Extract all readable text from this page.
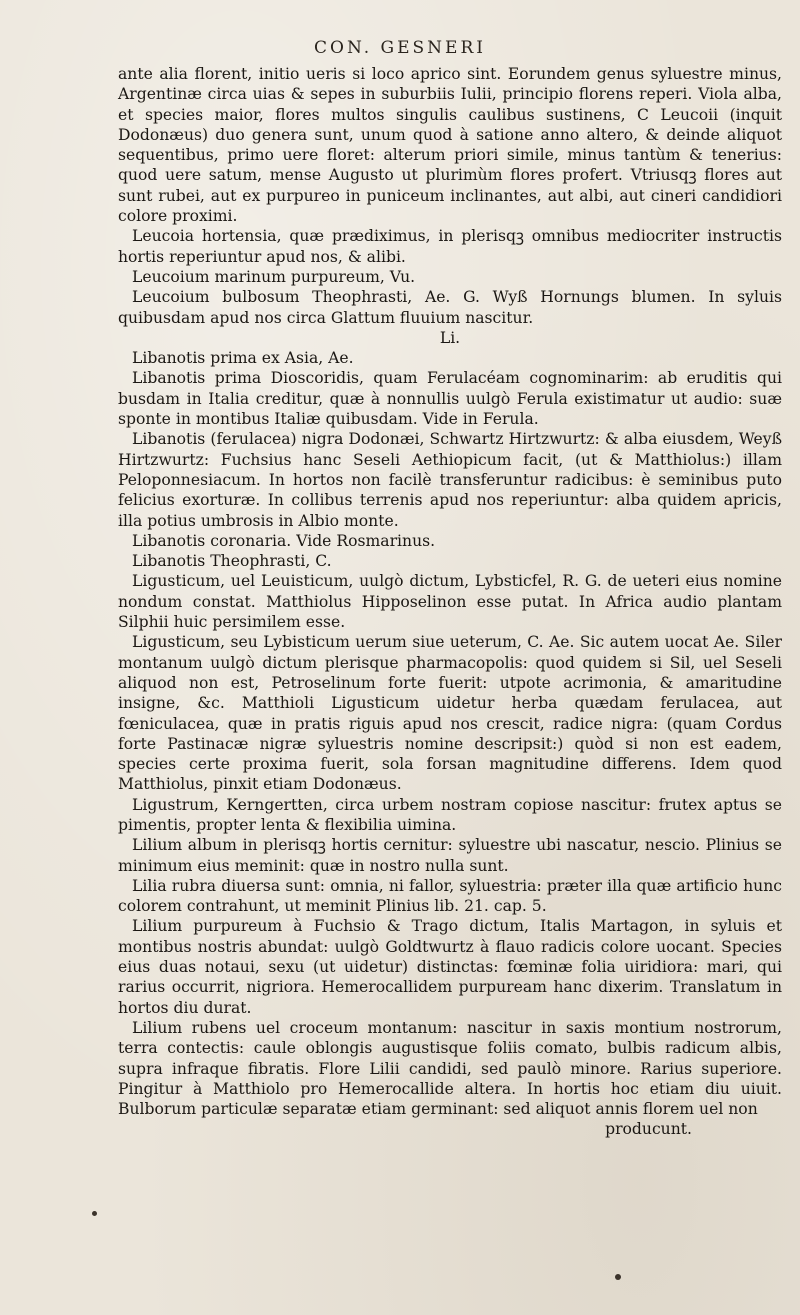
CON. GESNERI

ante alia florent, initio ueris si loco aprico sint. Eorundem genus syluestre minus, Argentinæ circa uias & sepes in suburbiis Iulii, principio florens reperi. Viola alba, et species maior, flores multos singulis caulibus sustinens, C Leucoii (inquit Dodonæus) duo genera sunt, unum quod à satione anno altero, & deinde aliquot sequentibus, primo uere floret: alterum priori simile, minus tantùm & tenerius: quod uere satum, mense Augusto ut plurimùm flores profert. Vtriusqꝫ flores aut sunt rubei, aut ex purpureo in puniceum inclinantes, aut albi, aut cineri candidiori colore proximi.

Leucoia hortensia, quæ prædiximus, in plerisqꝫ omnibus mediocriter instructis hortis reperiuntur apud nos, & alibi.

Leucoium marinum purpureum, Vu.

Leucoium bulbosum Theophrasti, Ae. G. Wyß Hornungs blumen. In syluis quibusdam apud nos circa Glattum fluuium nascitur.

Li.

Libanotis prima ex Asia, Ae.

Libanotis prima Dioscoridis, quam Ferulacéam cognominarim: ab eruditis qui busdam in Italia creditur, quæ à nonnullis uulgò Ferula existimatur ut audio: suæ sponte in montibus Italiæ quibusdam. Vide in Ferula.

Libanotis (ferulacea) nigra Dodonæi, Schwartz Hirtzwurtz: & alba eiusdem, Weyß Hirtzwurtz: Fuchsius hanc Seseli Aethiopicum facit, (ut & Matthiolus:) illam Peloponnesiacum. In hortos non facilè transferuntur radicibus: è seminibus puto felicius exorturæ. In collibus terrenis apud nos reperiuntur: alba quidem apricis, illa potius umbrosis in Albio monte.

Libanotis coronaria. Vide Rosmarinus.

Libanotis Theophrasti, C.

Ligusticum, uel Leuisticum, uulgò dictum, Lybsticfel, R. G. de ueteri eius nomine nondum constat. Matthiolus Hipposelinon esse putat. In Africa audio plantam Silphii huic persimilem esse.

Ligusticum, seu Lybisticum uerum siue ueterum, C. Ae. Sic autem uocat Ae. Siler montanum uulgò dictum plerisque pharmacopolis: quod quidem si Sil, uel Seseli aliquod non est, Petroselinum forte fuerit: utpote acrimonia, & amaritudine insigne, &c. Matthioli Ligusticum uidetur herba quædam ferulacea, aut fœniculacea, quæ in pratis riguis apud nos crescit, radice nigra: (quam Cordus forte Pastinacæ nigræ syluestris nomine descripsit:) quòd si non est eadem, species certe proxima fuerit, sola forsan magnitudine differens. Idem quod Matthiolus, pinxit etiam Dodonæus.

Ligustrum, Kerngertten, circa urbem nostram copiose nascitur: frutex aptus se pimentis, propter lenta & flexibilia uimina.

Lilium album in plerisqꝫ hortis cernitur: syluestre ubi nascatur, nescio. Plinius se minimum eius meminit: quæ in nostro nulla sunt.

Lilia rubra diuersa sunt: omnia, ni fallor, syluestria: præter illa quæ artificio hunc colorem contrahunt, ut meminit Plinius lib. 21. cap. 5.

Lilium purpureum à Fuchsio & Trago dictum, Italis Martagon, in syluis et montibus nostris abundat: uulgò Goldtwurtz à flauo radicis colore uocant. Species eius duas notaui, sexu (ut uidetur) distinctas: fœminæ folia uiridiora: mari, qui rarius occurrit, nigriora. Hemerocallidem purpuream hanc dixerim. Translatum in hortos diu durat.

Lilium rubens uel croceum montanum: nascitur in saxis montium nostrorum, terra contectis: caule oblongis augustisque foliis comato, bulbis radicum albis, supra infraque fibratis. Flore Lilii candidi, sed paulò minore. Rarius superiore. Pingitur à Matthiolo pro Hemerocallide altera. In hortis hoc etiam diu uiuit. Bulborum particulæ separatæ etiam germinant: sed aliquot annis florem uel non

producunt.
